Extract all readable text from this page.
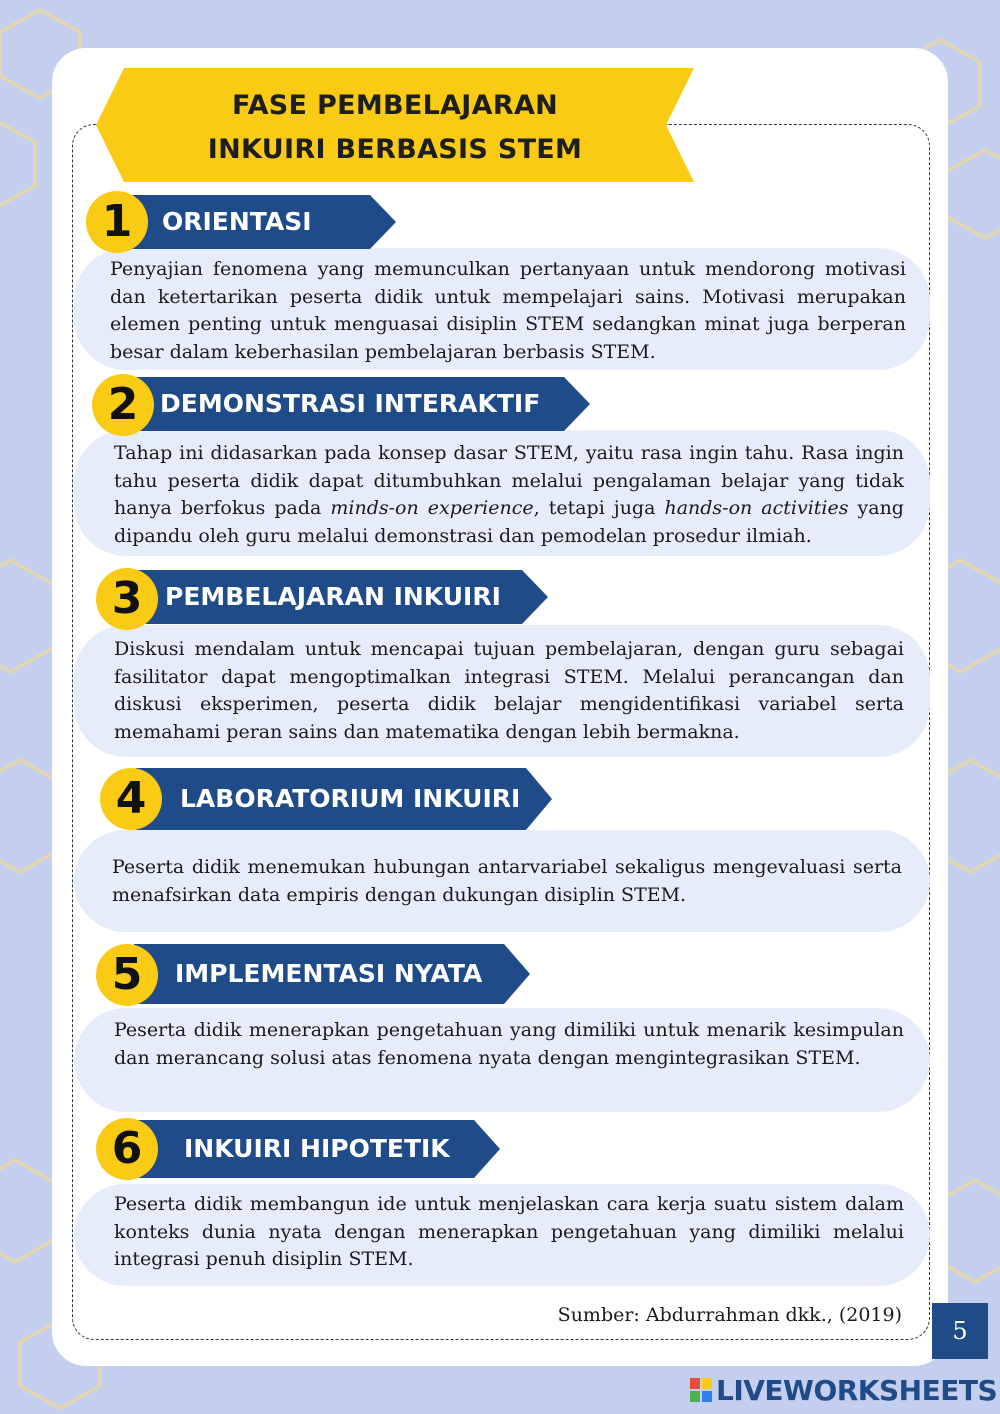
FASE PEMBELAJARAN
INKUIRI BERBASIS STEM
ORIENTASI
1
Penyajian fenomena yang memunculkan pertanyaan untuk mendorong motivasi dan ketertarikan peserta didik untuk mempelajari sains. Motivasi merupakan elemen penting untuk menguasai disiplin STEM sedangkan minat juga berperan besar dalam keberhasilan pembelajaran berbasis STEM.
DEMONSTRASI INTERAKTIF
2
Tahap ini didasarkan pada konsep dasar STEM, yaitu rasa ingin tahu. Rasa ingin tahu peserta didik dapat ditumbuhkan melalui pengalaman belajar yang tidak hanya berfokus pada minds-on experience, tetapi juga hands-on activities yang dipandu oleh guru melalui demonstrasi dan pemodelan prosedur ilmiah.
PEMBELAJARAN INKUIRI
3
Diskusi mendalam untuk mencapai tujuan pembelajaran, dengan guru sebagai fasilitator dapat mengoptimalkan integrasi STEM. Melalui perancangan dan diskusi eksperimen, peserta didik belajar mengidentifikasi variabel serta memahami peran sains dan matematika dengan lebih bermakna.
LABORATORIUM INKUIRI
4
Peserta didik menemukan hubungan antarvariabel sekaligus mengevaluasi serta menafsirkan data empiris dengan dukungan disiplin STEM.
IMPLEMENTASI NYATA
5
Peserta didik menerapkan pengetahuan yang dimiliki untuk menarik kesimpulan dan merancang solusi atas fenomena nyata dengan mengintegrasikan STEM.
INKUIRI HIPOTETIK
6
Peserta didik membangun ide untuk menjelaskan cara kerja suatu sistem dalam konteks dunia nyata dengan menerapkan pengetahuan yang dimiliki melalui integrasi penuh disiplin STEM.
Sumber: Abdurrahman dkk., (2019)
5
LIVEWORKSHEETS
